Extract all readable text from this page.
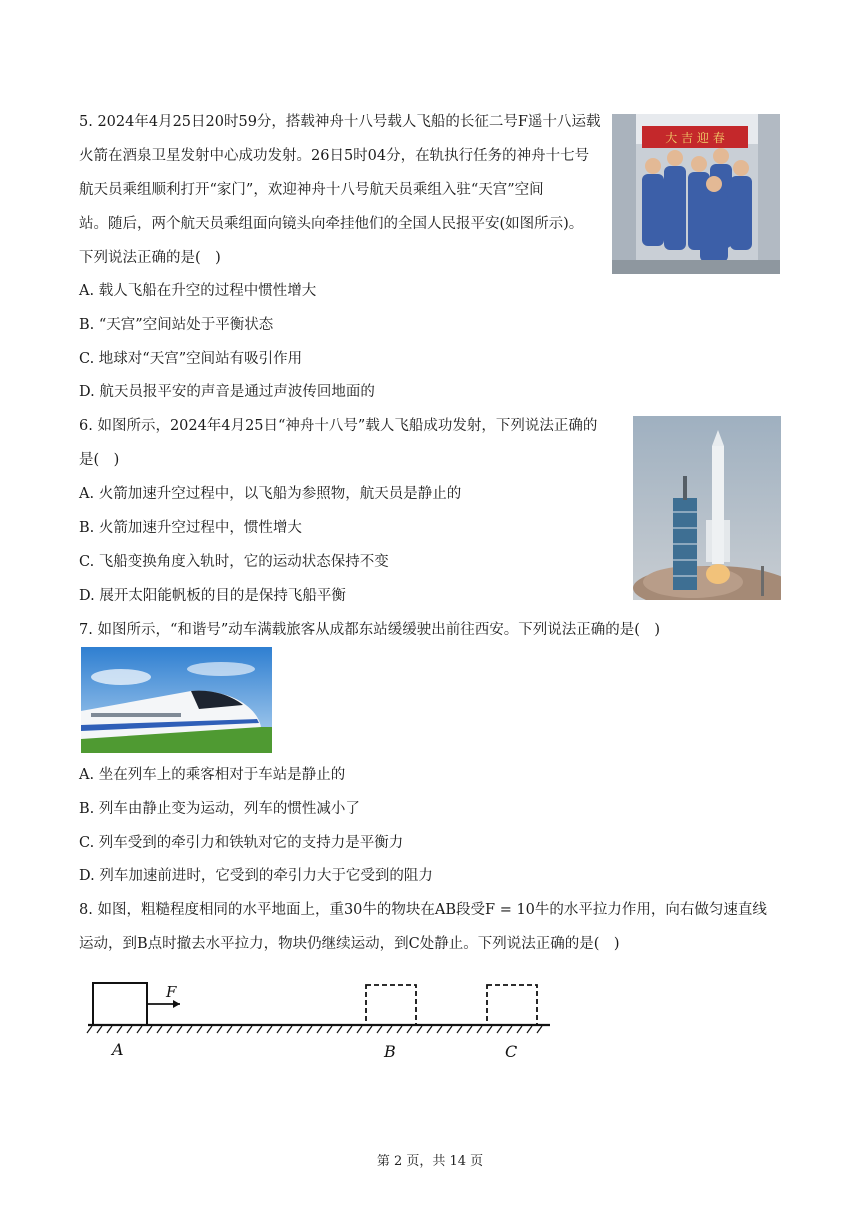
5. 2024年4月25日20时59分，搭载神舟十八号载人飞船的长征二号F遥十八运载
火箭在酒泉卫星发射中心成功发射。26日5时04分，在轨执行任务的神舟十七号
航天员乘组顺利打开“家门”，欢迎神舟十八号航天员乘组入驻“天宫”空间
站。随后，两个航天员乘组面向镜头向牵挂他们的全国人民报平安(如图所示)。
下列说法正确的是(　)
A. 载人飞船在升空的过程中惯性增大
B. “天宫”空间站处于平衡状态
C. 地球对“天宫”空间站有吸引作用
D. 航天员报平安的声音是通过声波传回地面的
大 吉 迎 春
6. 如图所示，2024年4月25日“神舟十八号”载人飞船成功发射，下列说法正确的
是(　)
A. 火箭加速升空过程中，以飞船为参照物，航天员是静止的
B. 火箭加速升空过程中，惯性增大
C. 飞船变换角度入轨时，它的运动状态保持不变
D. 展开太阳能帆板的目的是保持飞船平衡
7. 如图所示，“和谐号”动车满载旅客从成都东站缓缓驶出前往西安。下列说法正确的是(　)
A. 坐在列车上的乘客相对于车站是静止的
B. 列车由静止变为运动，列车的惯性减小了
C. 列车受到的牵引力和铁轨对它的支持力是平衡力
D. 列车加速前进时，它受到的牵引力大于它受到的阻力
8. 如图，粗糙程度相同的水平地面上，重30牛的物块在AB段受F = 10牛的水平拉力作用，向右做匀速直线
运动，到B点时撤去水平拉力，物块仍继续运动，到C处静止。下列说法正确的是(　)
F
A	B	C
第 2 页，共 14 页
